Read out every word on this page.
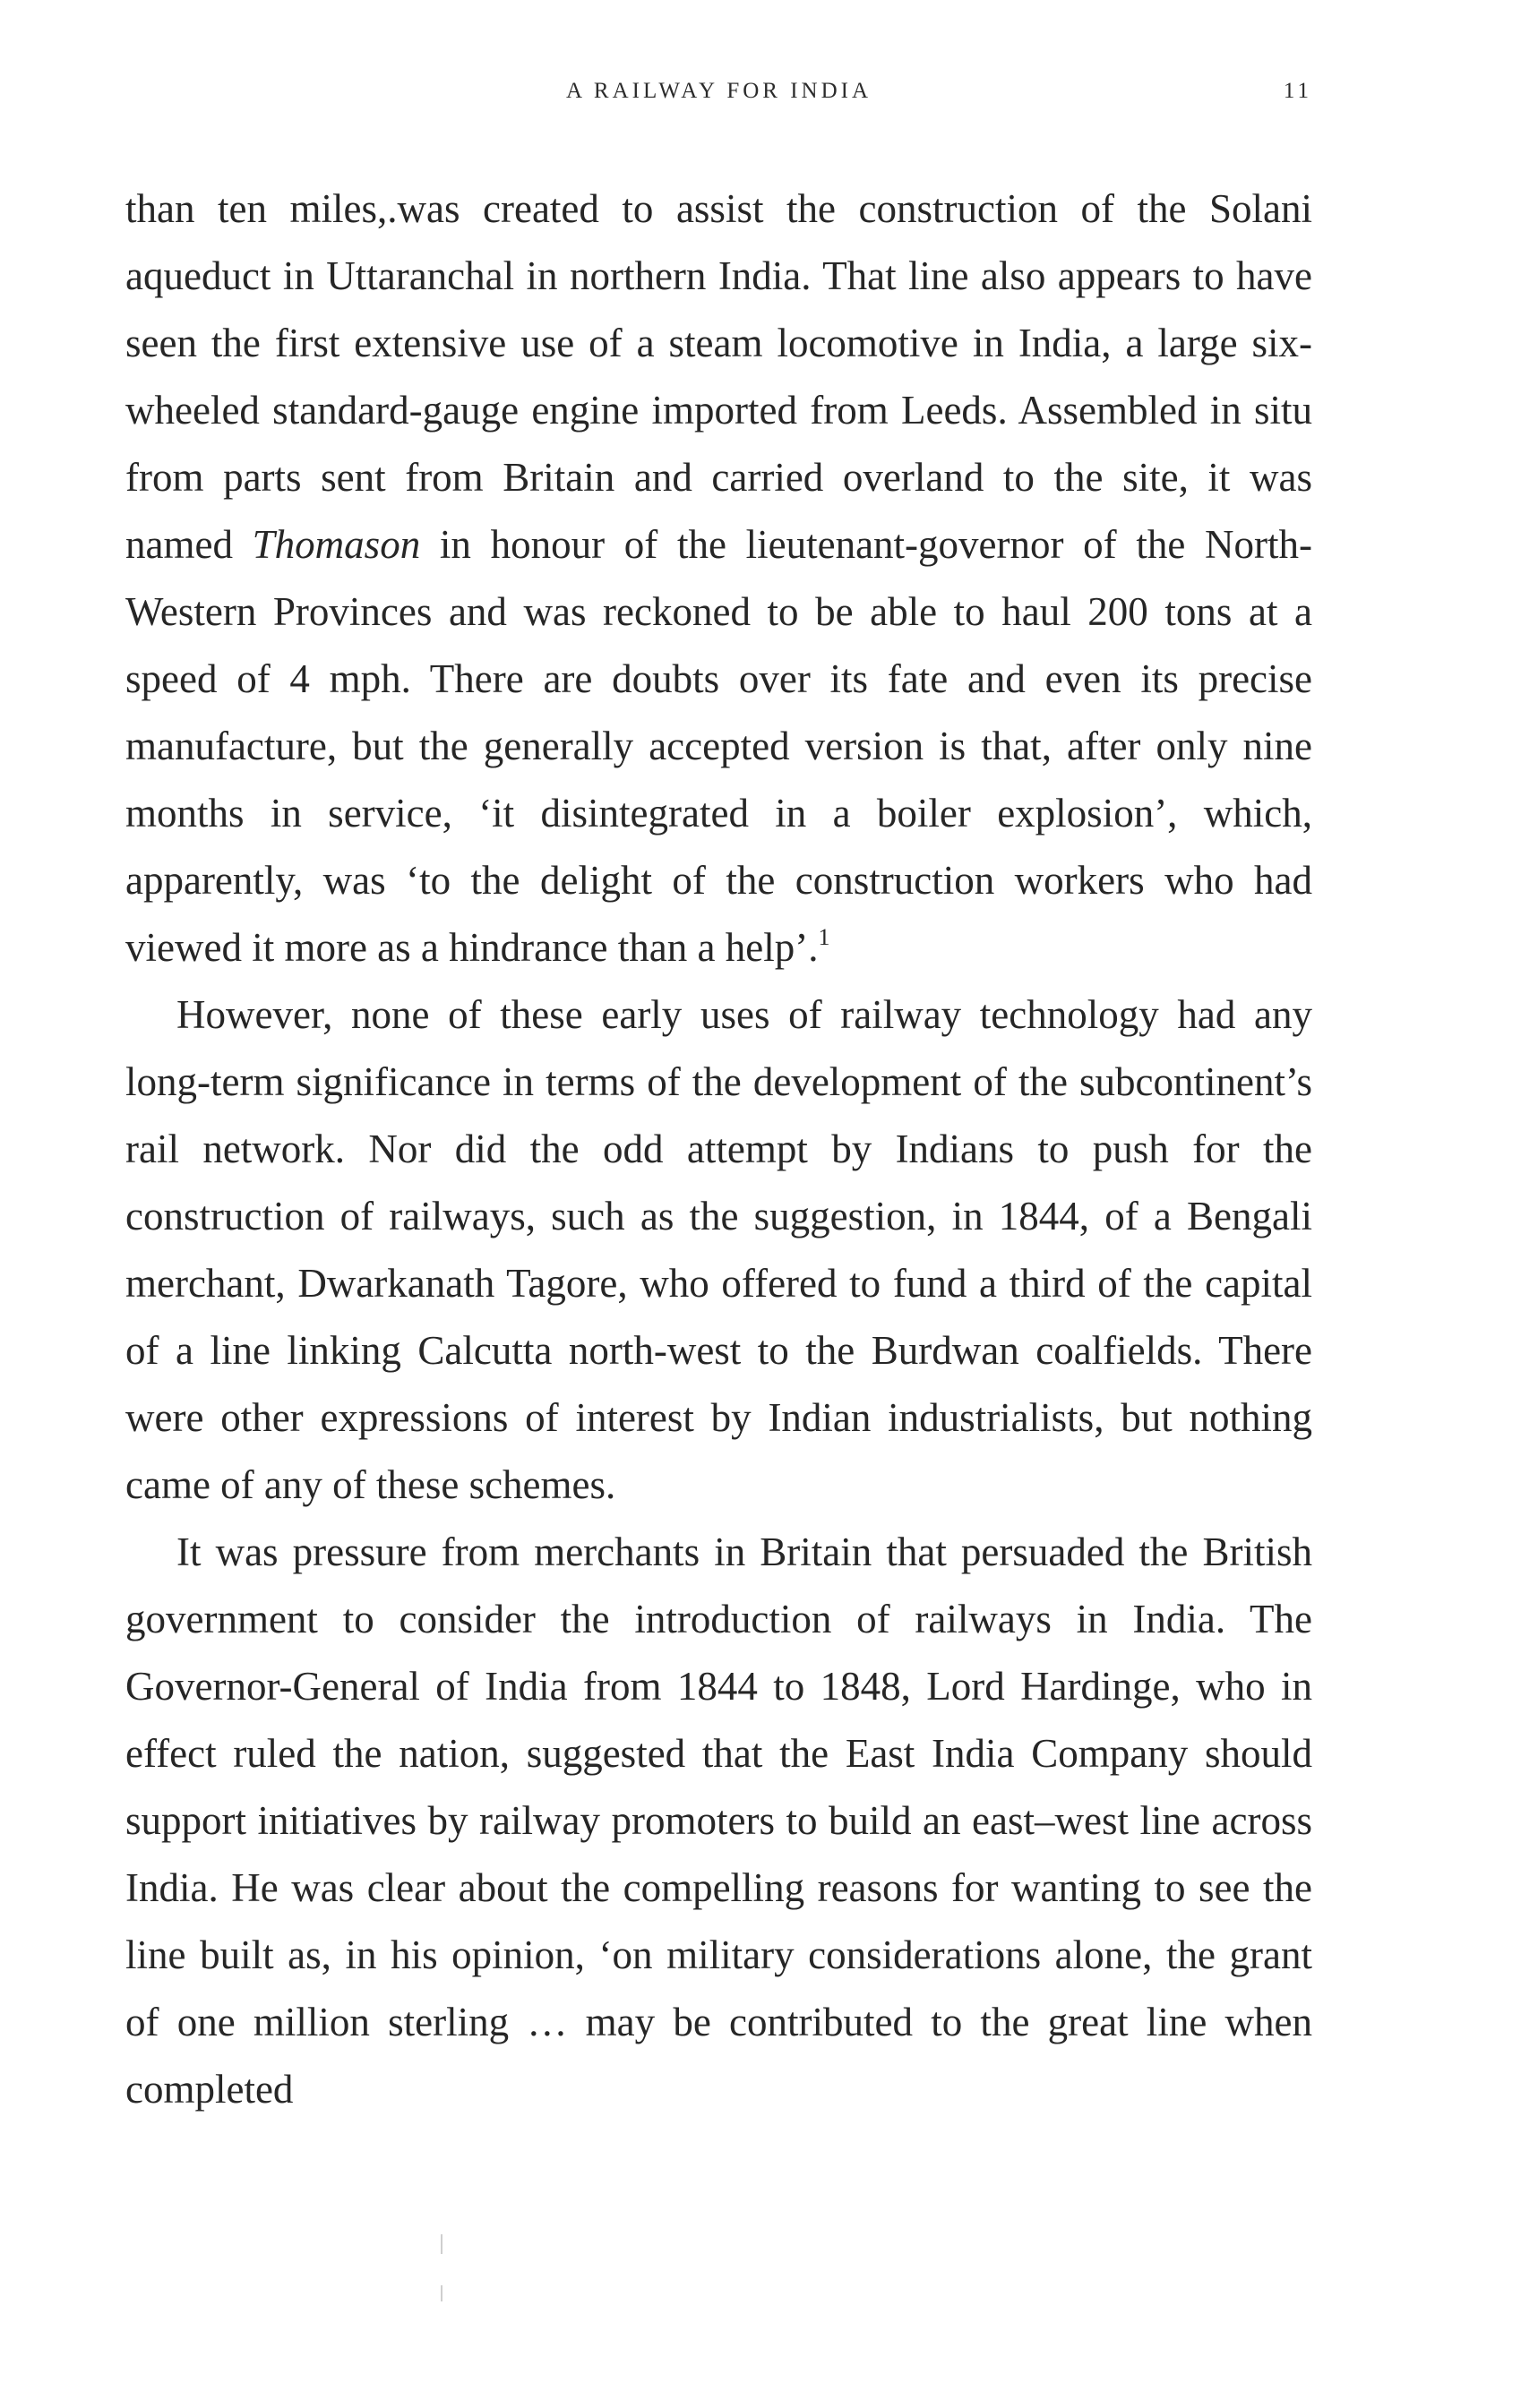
A RAILWAY FOR INDIA	11

than ten miles,.was created to assist the construction of the Solani aqueduct in Uttaranchal in northern India. That line also appears to have seen the first extensive use of a steam locomotive in India, a large six-wheeled standard-gauge engine imported from Leeds. Assembled in situ from parts sent from Britain and carried overland to the site, it was named Thomason in honour of the lieutenant-governor of the North-Western Provinces and was reckoned to be able to haul 200 tons at a speed of 4 mph. There are doubts over its fate and even its precise manufacture, but the generally accepted version is that, after only nine months in service, ‘it disintegrated in a boiler explosion’, which, apparently, was ‘to the delight of the construction workers who had viewed it more as a hindrance than a help’.$^1$

However, none of these early uses of railway technology had any long-term significance in terms of the development of the subcontinent’s rail network. Nor did the odd attempt by Indians to push for the construction of railways, such as the suggestion, in 1844, of a Bengali merchant, Dwarkanath Tagore, who offered to fund a third of the capital of a line linking Calcutta north-west to the Burdwan coalfields. There were other expressions of interest by Indian industrialists, but nothing came of any of these schemes.

It was pressure from merchants in Britain that persuaded the British government to consider the introduction of railways in India. The Governor-General of India from 1844 to 1848, Lord Hardinge, who in effect ruled the nation, suggested that the East India Company should support initiatives by railway promoters to build an east–west line across India. He was clear about the compelling reasons for wanting to see the line built as, in his opinion, ‘on military considerations alone, the grant of one million sterling … may be contributed to the great line when completed
